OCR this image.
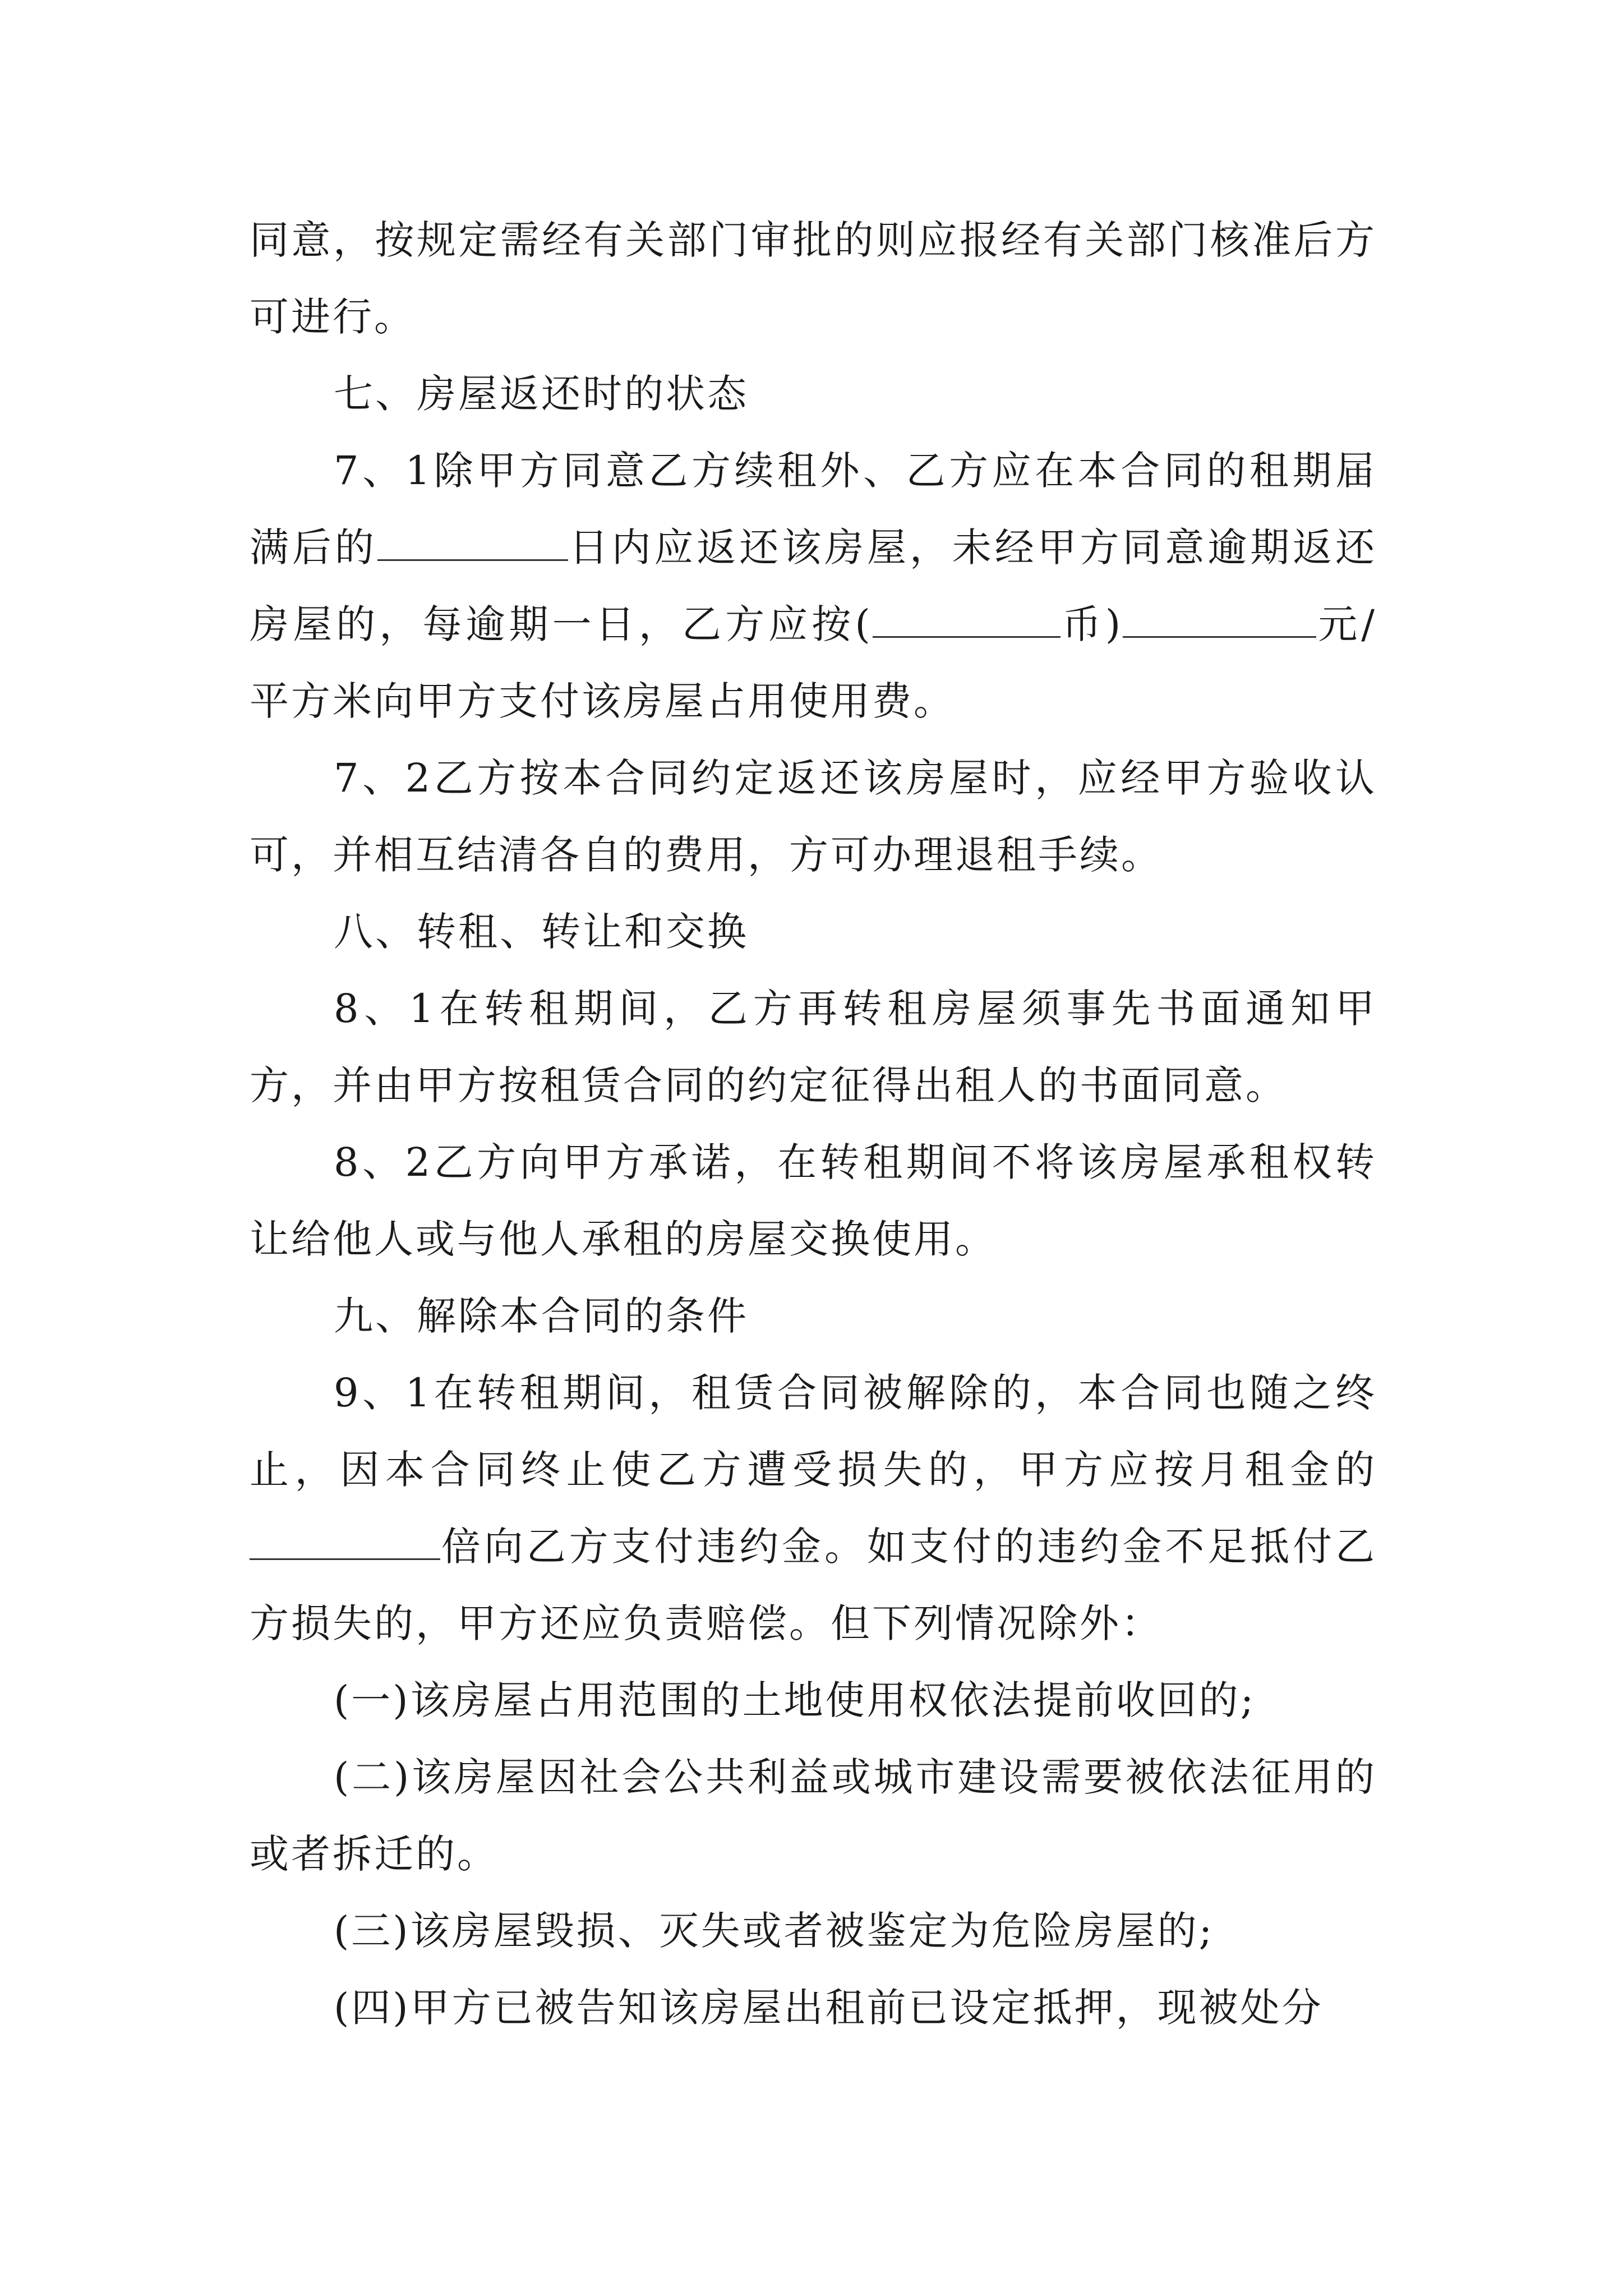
同意，按规定需经有关部门审批的则应报经有关部门核准后方可进行。

七、房屋返还时的状态

7、1除甲方同意乙方续租外、乙方应在本合同的租期届满后的	日内应返还该房屋，未经甲方同意逾期返还房屋的，每逾期一日，乙方应按(	币)	元/平方米向甲方支付该房屋占用使用费。

7、2乙方按本合同约定返还该房屋时，应经甲方验收认可，并相互结清各自的费用，方可办理退租手续。

八、转租、转让和交换

8、1在转租期间，乙方再转租房屋须事先书面通知甲方，并由甲方按租赁合同的约定征得出租人的书面同意。

8、2乙方向甲方承诺，在转租期间不将该房屋承租权转让给他人或与他人承租的房屋交换使用。

九、解除本合同的条件

9、1在转租期间，租赁合同被解除的，本合同也随之终止，因本合同终止使乙方遭受损失的，甲方应按月租金的倍向乙方支付违约金。如支付的违约金不足抵付乙方损失的，甲方还应负责赔偿。但下列情况除外：

(一)该房屋占用范围的土地使用权依法提前收回的;

(二)该房屋因社会公共利益或城市建设需要被依法征用的或者拆迁的。

(三)该房屋毁损、灭失或者被鉴定为危险房屋的;

(四)甲方已被告知该房屋出租前已设定抵押，现被处分
